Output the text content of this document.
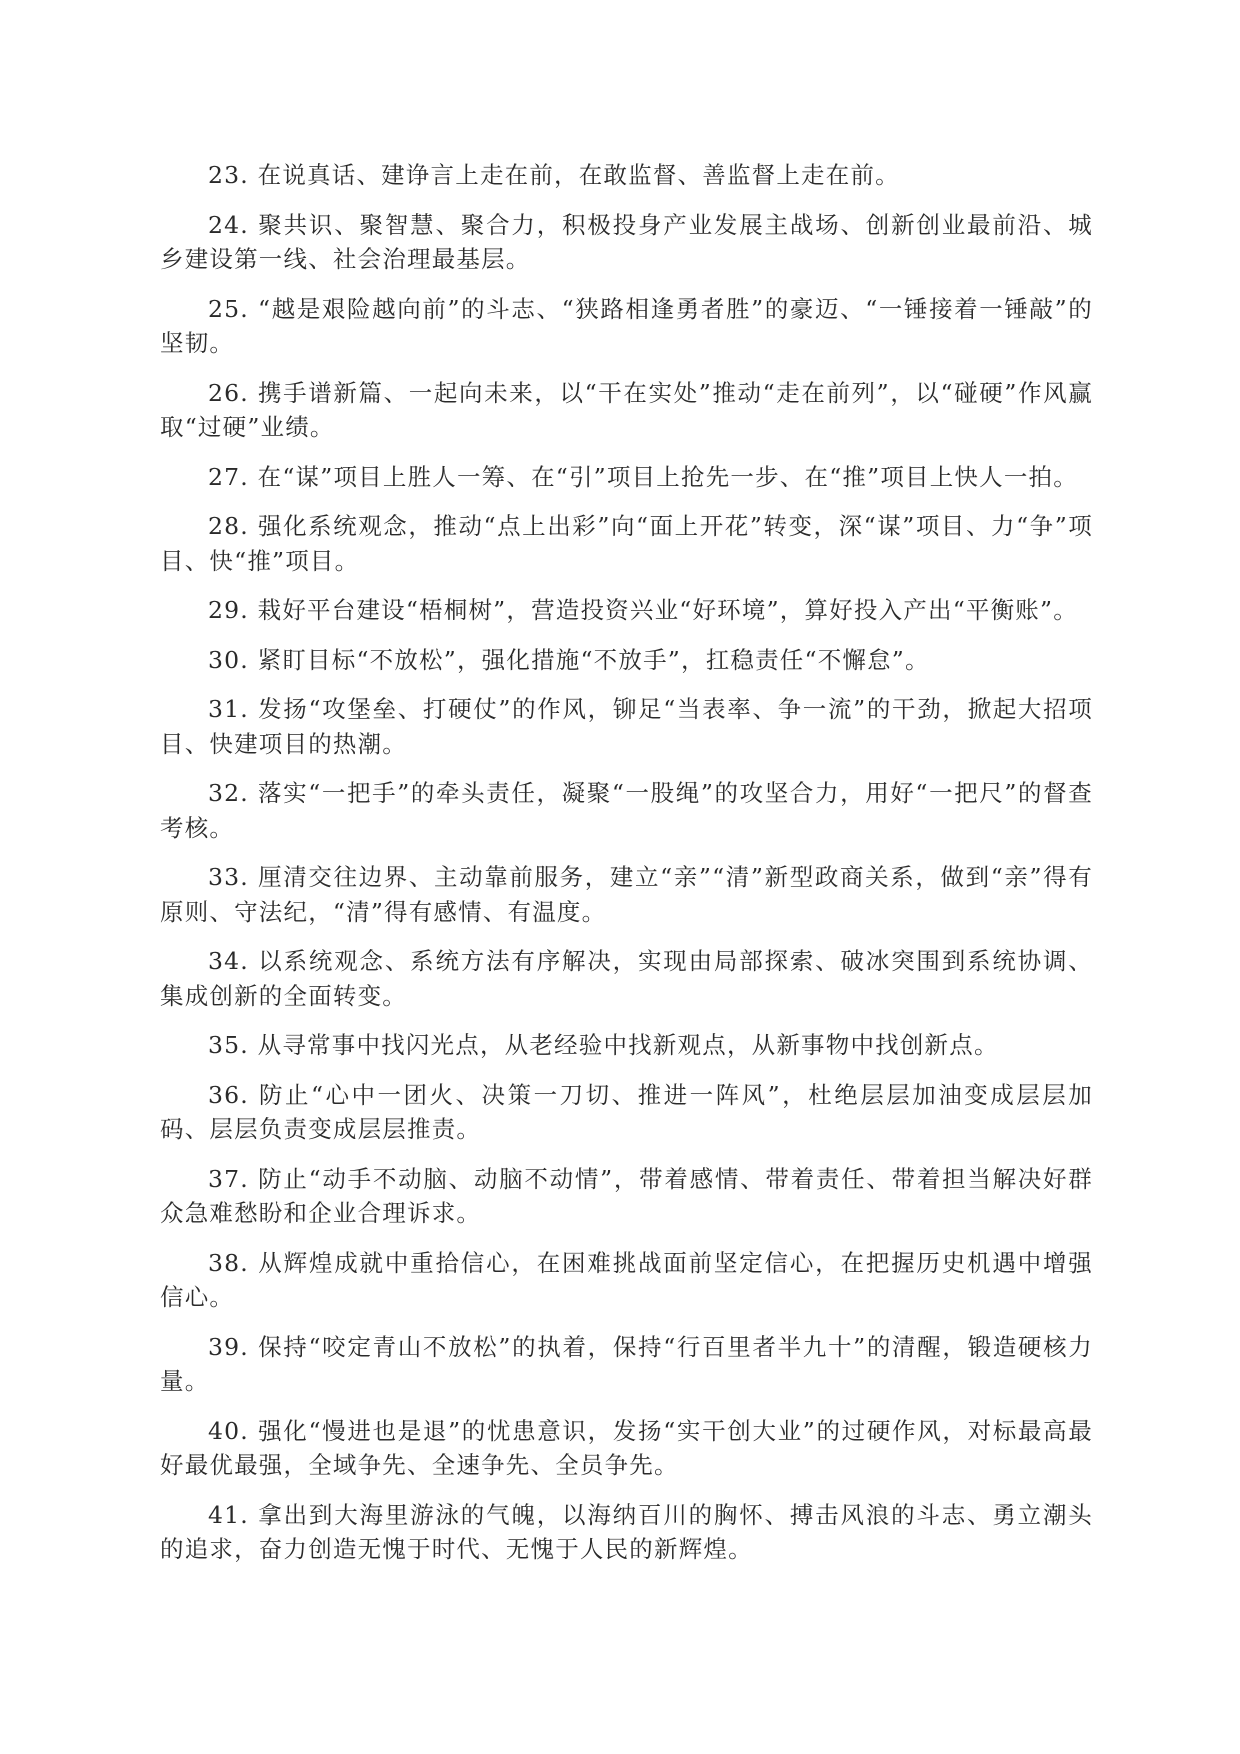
23. 在说真话、建诤言上走在前，在敢监督、善监督上走在前。

24. 聚共识、聚智慧、聚合力，积极投身产业发展主战场、创新创业最前沿、城乡建设第一线、社会治理最基层。

25. “越是艰险越向前”的斗志、“狭路相逢勇者胜”的豪迈、“一锤接着一锤敲”的坚韧。

26. 携手谱新篇、一起向未来，以“干在实处”推动“走在前列”，以“碰硬”作风赢取“过硬”业绩。

27. 在“谋”项目上胜人一筹、在“引”项目上抢先一步、在“推”项目上快人一拍。

28. 强化系统观念，推动“点上出彩”向“面上开花”转变，深“谋”项目、力“争”项目、快“推”项目。

29. 栽好平台建设“梧桐树”，营造投资兴业“好环境”，算好投入产出“平衡账”。

30. 紧盯目标“不放松”，强化措施“不放手”，扛稳责任“不懈怠”。

31. 发扬“攻堡垒、打硬仗”的作风，铆足“当表率、争一流”的干劲，掀起大招项目、快建项目的热潮。

32. 落实“一把手”的牵头责任，凝聚“一股绳”的攻坚合力，用好“一把尺”的督查考核。

33. 厘清交往边界、主动靠前服务，建立“亲”“清”新型政商关系，做到“亲”得有原则、守法纪，“清”得有感情、有温度。

34. 以系统观念、系统方法有序解决，实现由局部探索、破冰突围到系统协调、集成创新的全面转变。

35. 从寻常事中找闪光点，从老经验中找新观点，从新事物中找创新点。

36. 防止“心中一团火、决策一刀切、推进一阵风”，杜绝层层加油变成层层加码、层层负责变成层层推责。

37. 防止“动手不动脑、动脑不动情”，带着感情、带着责任、带着担当解决好群众急难愁盼和企业合理诉求。

38. 从辉煌成就中重拾信心，在困难挑战面前坚定信心，在把握历史机遇中增强信心。

39. 保持“咬定青山不放松”的执着，保持“行百里者半九十”的清醒，锻造硬核力量。

40. 强化“慢进也是退”的忧患意识，发扬“实干创大业”的过硬作风，对标最高最好最优最强，全域争先、全速争先、全员争先。

41. 拿出到大海里游泳的气魄，以海纳百川的胸怀、搏击风浪的斗志、勇立潮头的追求，奋力创造无愧于时代、无愧于人民的新辉煌。
